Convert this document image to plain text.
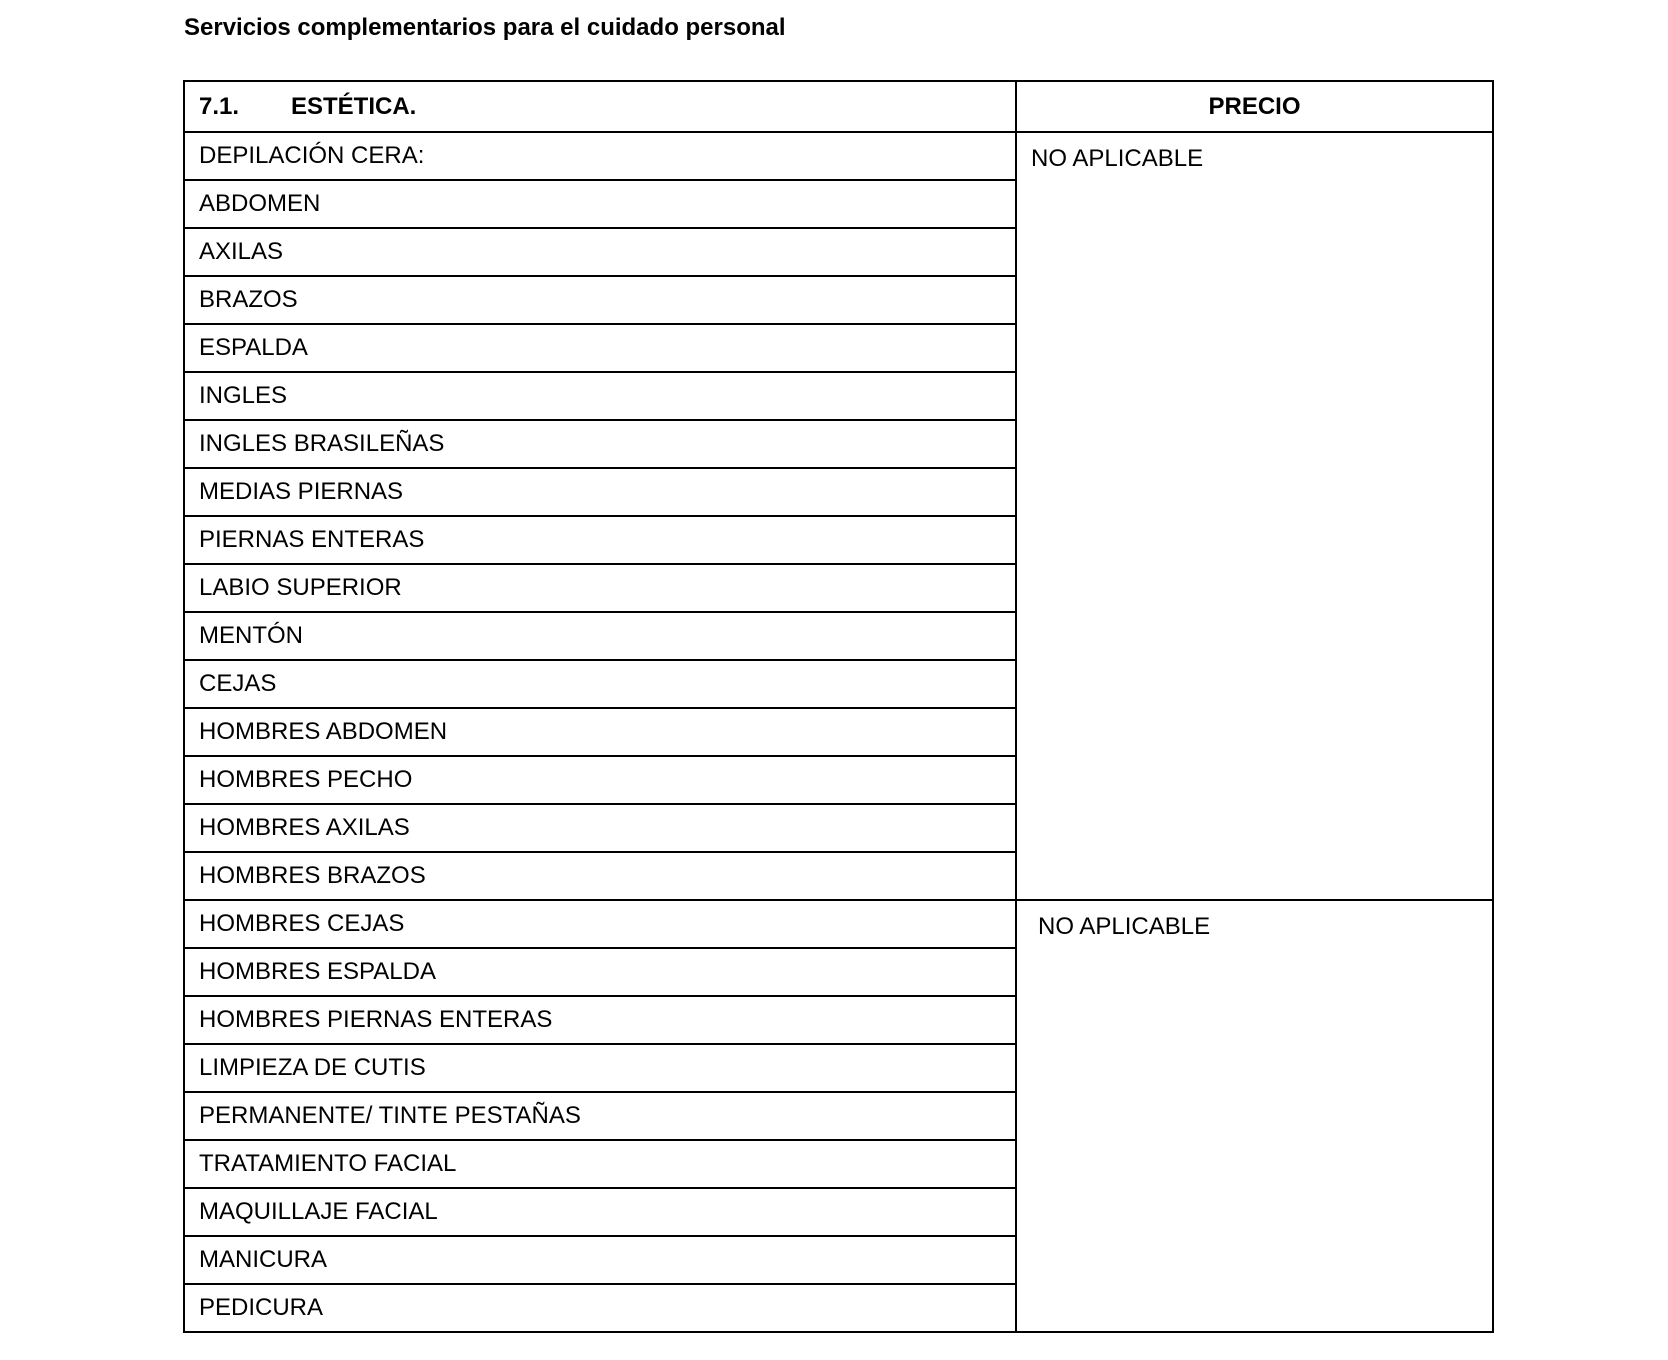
Servicios complementarios para el cuidado personal
7.1. ESTÉTICA.	PRECIO
DEPILACIÓN CERA:	NO APLICABLE
ABDOMEN	
AXILAS	
BRAZOS	
ESPALDA	
INGLES	
INGLES BRASILEÑAS	
MEDIAS PIERNAS	
PIERNAS ENTERAS	
LABIO SUPERIOR	
MENTÓN	
CEJAS	
HOMBRES ABDOMEN	
HOMBRES PECHO	
HOMBRES AXILAS	
HOMBRES BRAZOS	
HOMBRES CEJAS	NO APLICABLE
HOMBRES ESPALDA	
HOMBRES PIERNAS ENTERAS	
LIMPIEZA DE CUTIS	
PERMANENTE/ TINTE PESTAÑAS	
TRATAMIENTO FACIAL	
MAQUILLAJE FACIAL	
MANICURA	
PEDICURA	
